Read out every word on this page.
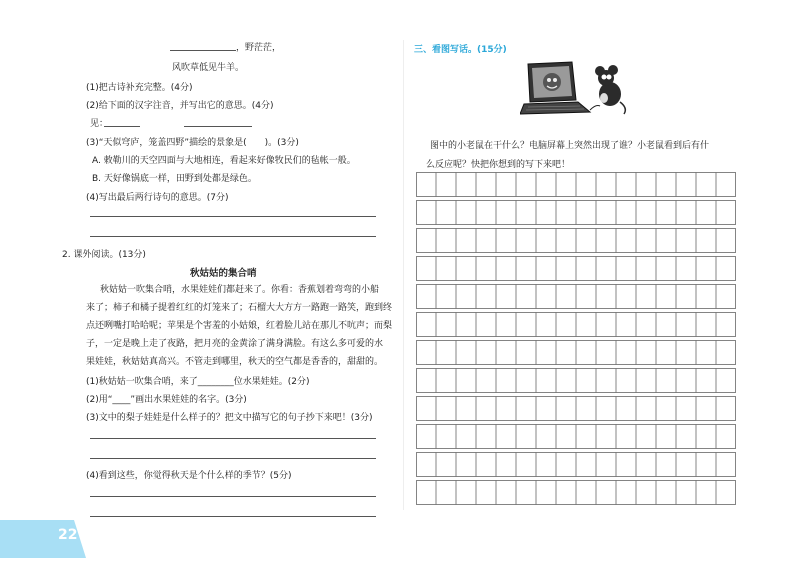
，野茫茫，
风吹草低见牛羊。
(1)把古诗补充完整。(4分)
(2)给下面的汉字注音，并写出它的意思。(4分)
见：
(3)“天似穹庐，笼盖四野”描绘的景象是(　　)。(3分)
A. 敕勒川的天空四面与大地相连，看起来好像牧民们的毡帐一般。
B. 天好像锅底一样，田野到处都是绿色。
(4)写出最后两行诗句的意思。(7分)
2. 课外阅读。(13分)
秋姑姑的集合哨
　　秋姑姑一吹集合哨，水果娃娃们都赶来了。你看：香蕉划着弯弯的小船
来了；柿子和橘子提着红红的灯笼来了；石榴大大方方一路跑一路笑，跑到终
点还咧嘴打哈哈呢；苹果是个害羞的小姑娘，红着脸儿站在那儿不吭声；而梨
子，一定是晚上走了夜路，把月亮的金黄涂了满身满脸。有这么多可爱的水
果娃娃，秋姑姑真高兴。不管走到哪里，秋天的空气都是香香的，甜甜的。
(1)秋姑姑一吹集合哨，来了________位水果娃娃。(2分)
(2)用“____”画出水果娃娃的名字。(3分)
(3)文中的梨子娃娃是什么样子的？把文中描写它的句子抄下来吧！(3分)
(4)看到这些，你觉得秋天是个什么样的季节？(5分)
三、看图写话。(15分)
图中的小老鼠在干什么？电脑屏幕上突然出现了谁？小老鼠看到后有什
么反应呢？快把你想到的写下来吧！
22
